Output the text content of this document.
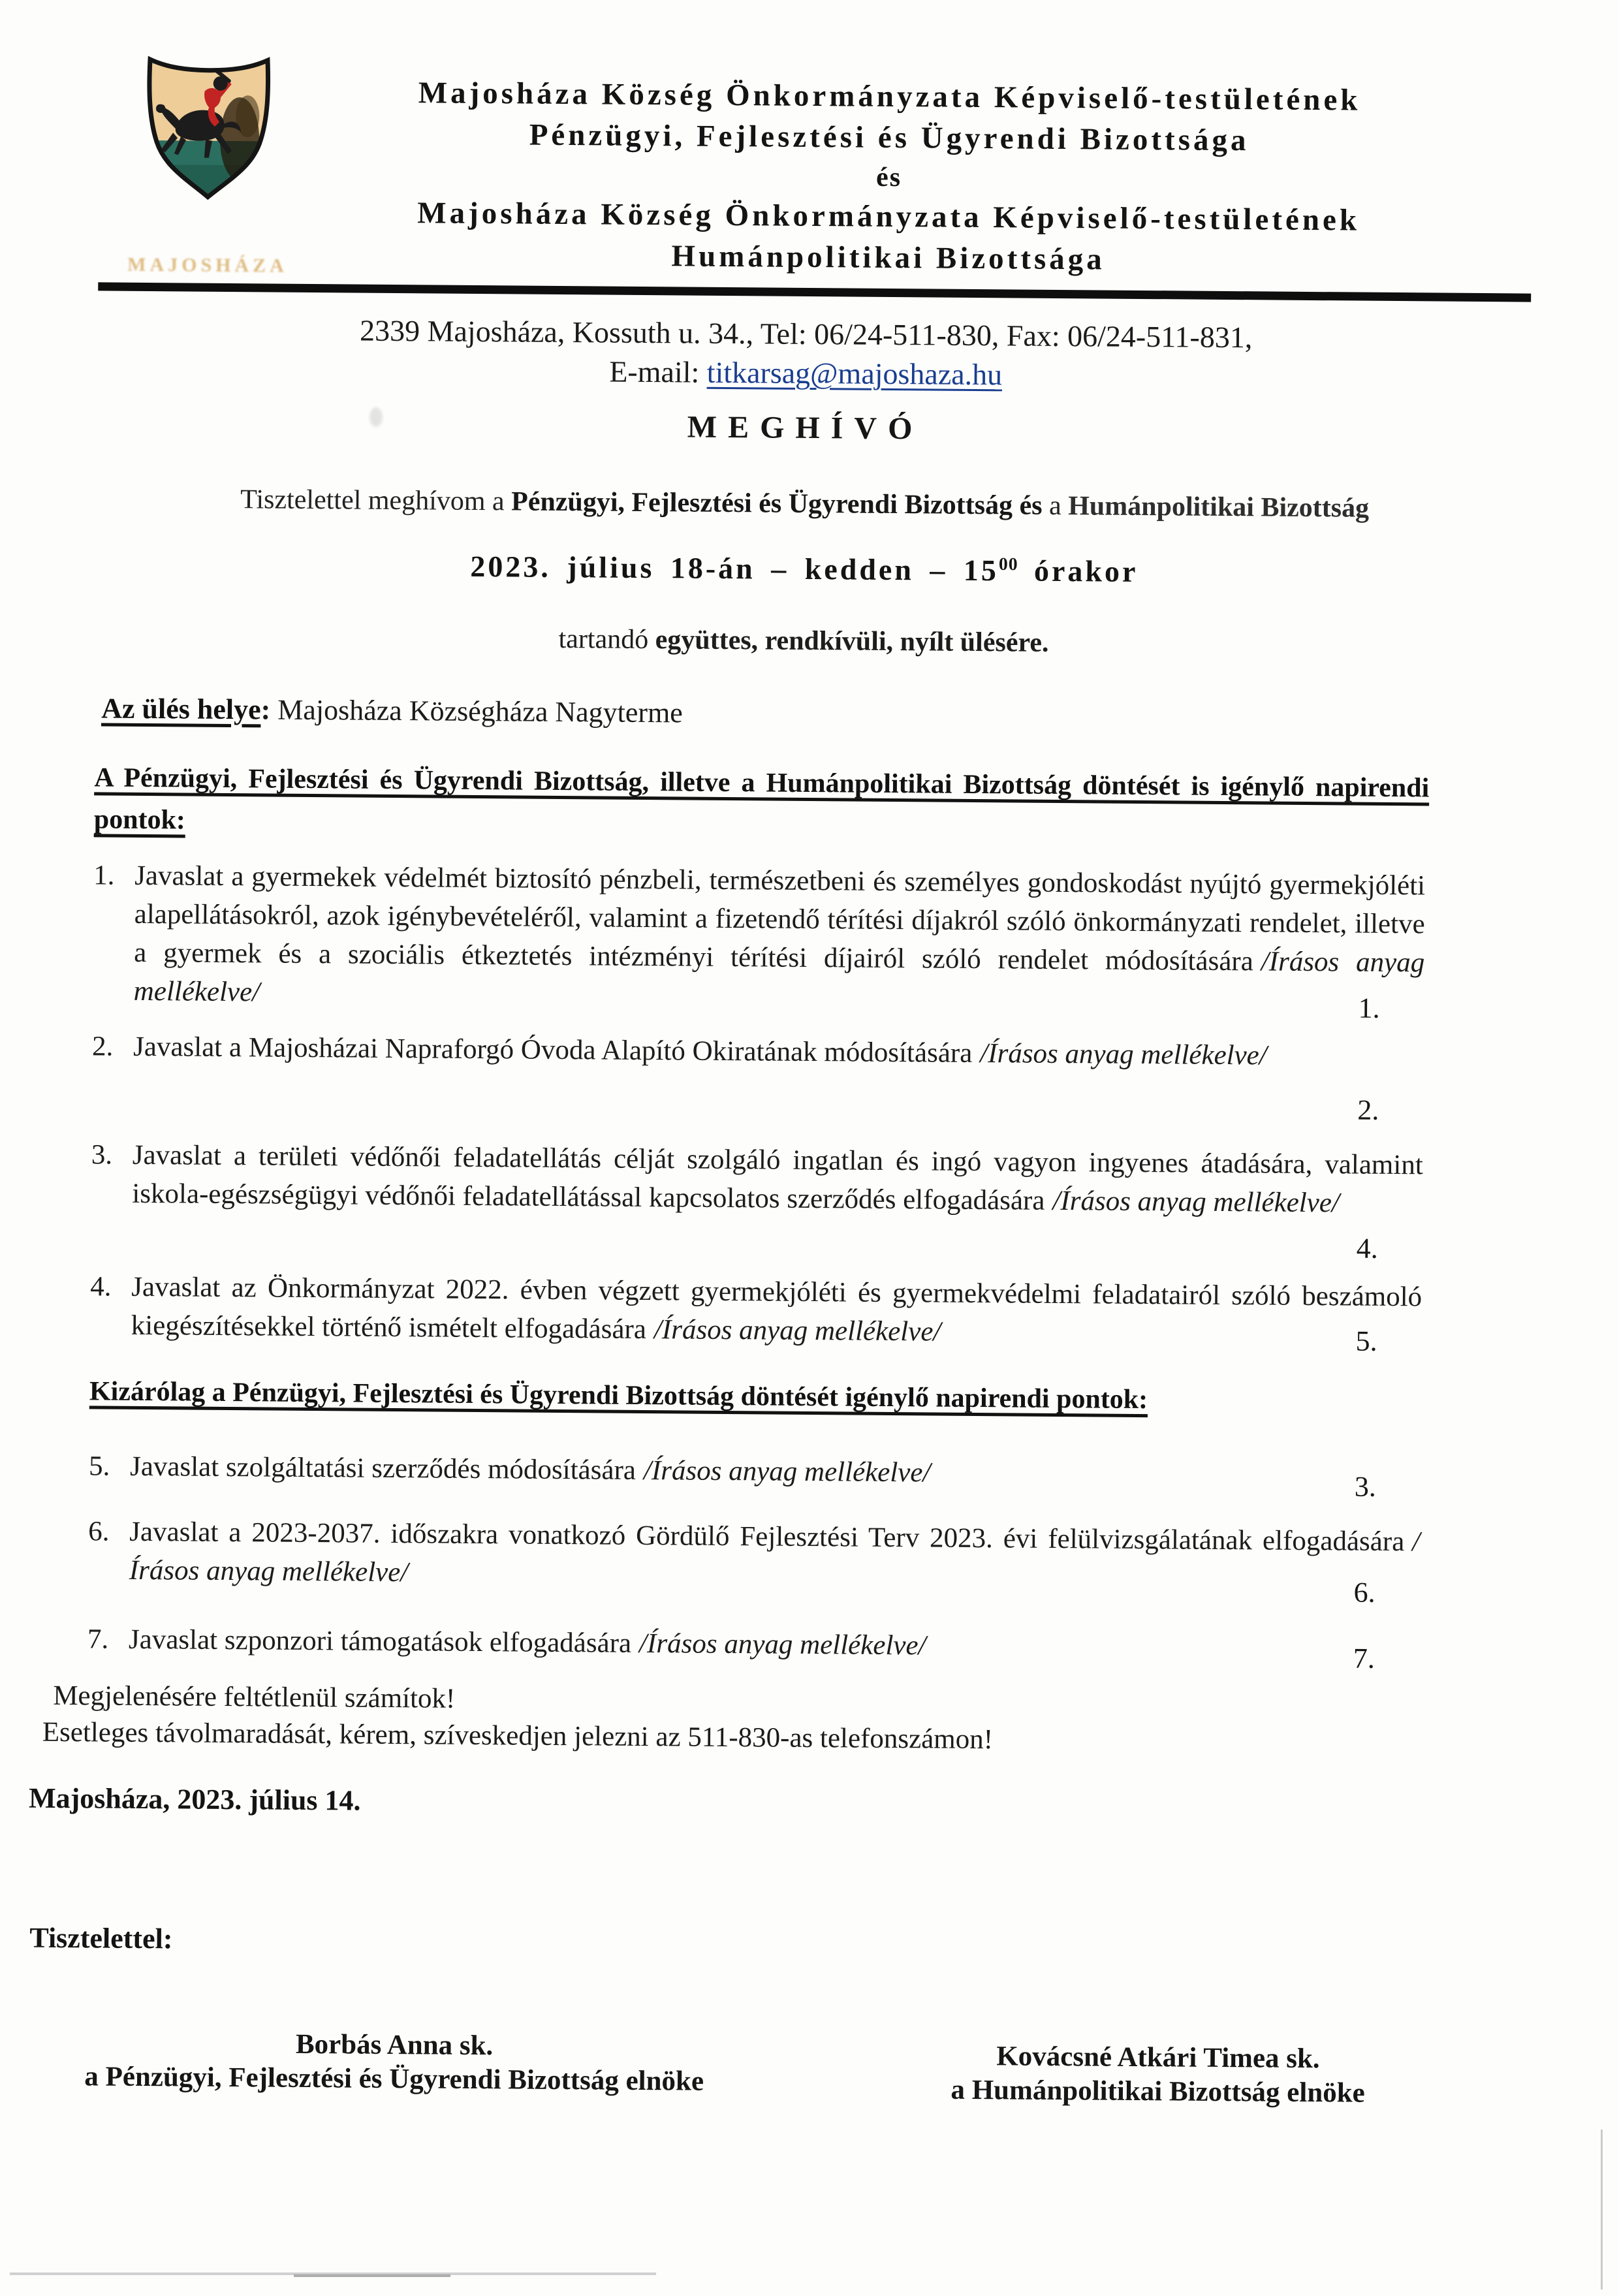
MAJOSHÁZA
Majosháza Község Önkormányzata Képviselő-testületének
Pénzügyi, Fejlesztési és Ügyrendi Bizottsága
és
Majosháza Község Önkormányzata Képviselő-testületének
Humánpolitikai Bizottsága
2339 Majosháza, Kossuth u. 34., Tel: 06/24-511-830, Fax: 06/24-511-831,
E-mail: titkarsag@majoshaza.hu
MEGHÍVÓ
Tisztelettel meghívom a Pénzügyi, Fejlesztési és Ügyrendi Bizottság és a Humánpolitikai Bizottság
2023. július 18-án – kedden – $15^{00}$ órakor
tartandó együttes, rendkívüli, nyílt ülésére.
Az ülés helye: Majosháza Községháza Nagyterme
A Pénzügyi, Fejlesztési és Ügyrendi Bizottság, illetve a Humánpolitikai Bizottság döntését is igénylő napirendi pontok:
1. Javaslat a gyermekek védelmét biztosító pénzbeli, természetbeni és személyes gondoskodást nyújtó gyermekjóléti alapellátásokról, azok igénybevételéről, valamint a fizetendő térítési díjakról szóló önkormányzati rendelet, illetve a gyermek és a szociális étkeztetés intézményi térítési díjairól szóló rendelet módosítására /Írásos anyag mellékelve/
1.
2. Javaslat a Majosházai Napraforgó Óvoda Alapító Okiratának módosítására /Írásos anyag mellékelve/
2.
3. Javaslat a területi védőnői feladatellátás célját szolgáló ingatlan és ingó vagyon ingyenes átadására, valamint iskola-egészségügyi védőnői feladatellátással kapcsolatos szerződés elfogadására /Írásos anyag mellékelve/
4.
4. Javaslat az Önkormányzat 2022. évben végzett gyermekjóléti és gyermekvédelmi feladatairól szóló beszámoló kiegészítésekkel történő ismételt elfogadására /Írásos anyag mellékelve/	5.
Kizárólag a Pénzügyi, Fejlesztési és Ügyrendi Bizottság döntését igénylő napirendi pontok:
5. Javaslat szolgáltatási szerződés módosítására /Írásos anyag mellékelve/	3.
6. Javaslat a 2023-2037. időszakra vonatkozó Gördülő Fejlesztési Terv 2023. évi felülvizsgálatának elfogadására /Írásos anyag mellékelve/
6.
7. Javaslat szponzori támogatások elfogadására /Írásos anyag mellékelve/	7.
Megjelenésére feltétlenül számítok!
Esetleges távolmaradását, kérem, szíveskedjen jelezni az 511-830-as telefonszámon!
Majosháza, 2023. július 14.
Tisztelettel:
Borbás Anna sk.
a Pénzügyi, Fejlesztési és Ügyrendi Bizottság elnöke
Kovácsné Atkári Timea sk.
a Humánpolitikai Bizottság elnöke
